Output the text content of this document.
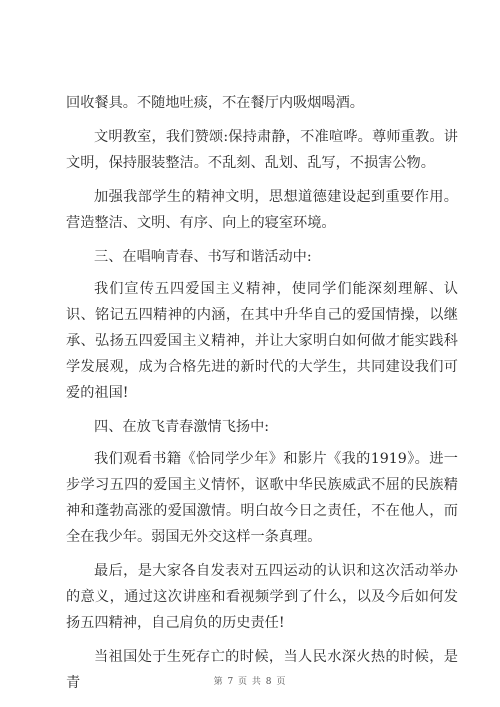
回收餐具。不随地吐痰，不在餐厅内吸烟喝酒。

文明教室，我们赞颂:保持肃静，不准喧哗。尊师重教。讲文明，保持服装整洁。不乱刻、乱划、乱写，不损害公物。

加强我部学生的精神文明，思想道德建设起到重要作用。营造整洁、文明、有序、向上的寝室环境。

三、在唱响青春、书写和谐活动中:

我们宣传五四爱国主义精神，使同学们能深刻理解、认识、铭记五四精神的内涵，在其中升华自己的爱国情操，以继承、弘扬五四爱国主义精神，并让大家明白如何做才能实践科学发展观，成为合格先进的新时代的大学生，共同建设我们可爱的祖国!

四、在放飞青春激情飞扬中:

我们观看书籍《恰同学少年》和影片《我的1919》。进一步学习五四的爱国主义情怀，讴歌中华民族威武不屈的民族精神和蓬勃高涨的爱国激情。明白故今日之责任，不在他人，而全在我少年。弱国无外交这样一条真理。

最后，是大家各自发表对五四运动的认识和这次活动举办的意义，通过这次讲座和看视频学到了什么，以及今后如何发扬五四精神，自己肩负的历史责任!

当祖国处于生死存亡的时候，当人民水深火热的时候，是青	第 7 页 共 8 页
